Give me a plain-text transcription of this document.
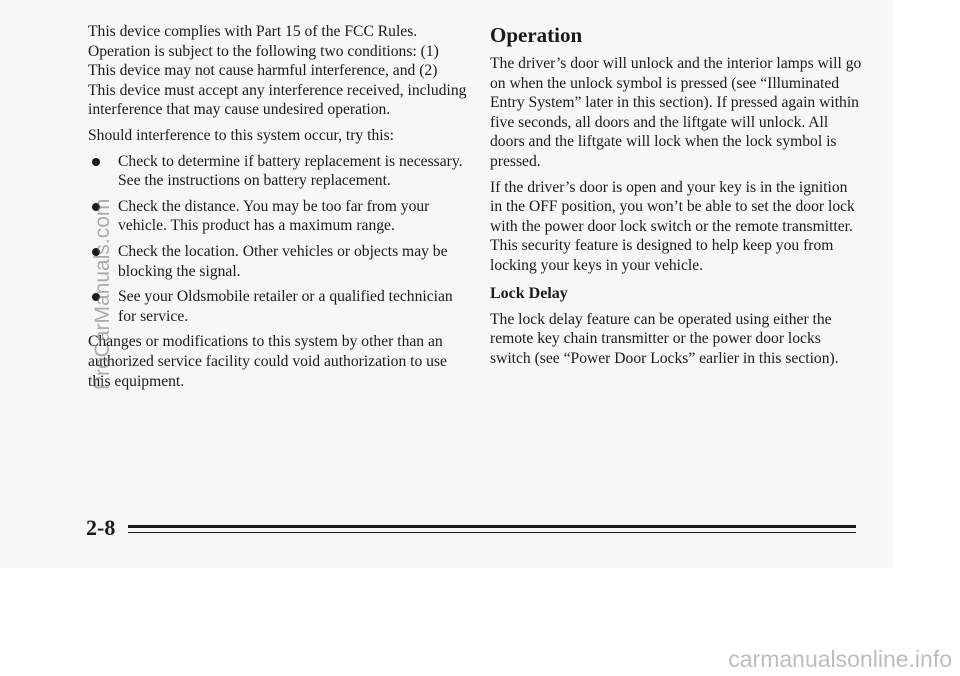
This device complies with Part 15 of the FCC Rules. Operation is subject to the following two conditions: (1) This device may not cause harmful interference, and (2) This device must accept any interference received, including interference that may cause undesired operation.

Should interference to this system occur, try this:

Check to determine if battery replacement is necessary. See the instructions on battery replacement.
Check the distance. You may be too far from your vehicle. This product has a maximum range.
Check the location. Other vehicles or objects may be blocking the signal.
See your Oldsmobile retailer or a qualified technician for service.

Changes or modifications to this system by other than an authorized service facility could void authorization to use this equipment.

Operation

The driver’s door will unlock and the interior lamps will go on when the unlock symbol is pressed (see “Illuminated Entry System” later in this section). If pressed again within five seconds, all doors and the liftgate will unlock. All doors and the liftgate will lock when the lock symbol is pressed.

If the driver’s door is open and your key is in the ignition in the OFF position, you won’t be able to set the door lock with the power door lock switch or the remote transmitter. This security feature is designed to help keep you from locking your keys in your vehicle.

Lock Delay

The lock delay feature can be operated using either the remote key chain transmitter or the power door locks switch (see “Power Door Locks” earlier in this section).

2-8
ProCarManuals.com
carmanualsonline.info
